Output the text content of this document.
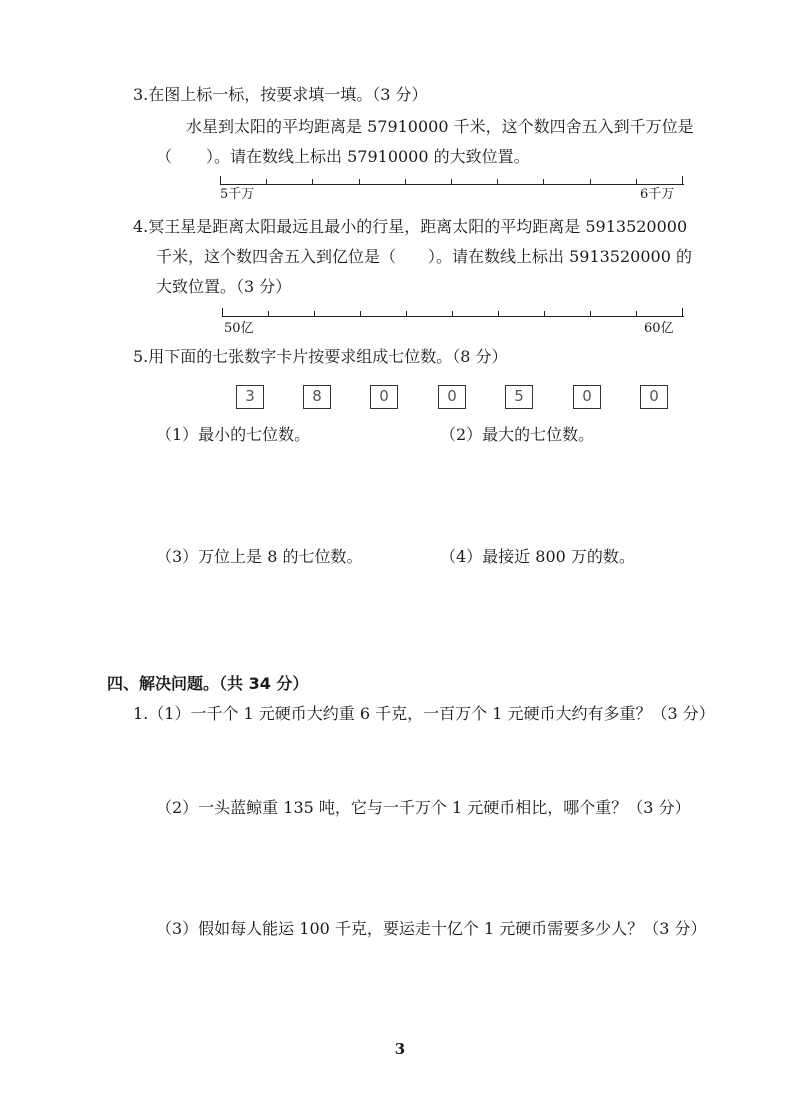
3.在图上标一标，按要求填一填。（3 分）
水星到太阳的平均距离是 57910000 千米，这个数四舍五入到千万位是
（ ）。请在数线上标出 57910000 的大致位置。
5千万	6千万
4.冥王星是距离太阳最远且最小的行星，距离太阳的平均距离是 5913520000
千米，这个数四舍五入到亿位是（　　）。请在数线上标出 5913520000 的
大致位置。（3 分）
50亿	60亿
5.用下面的七张数字卡片按要求组成七位数。（8 分）
3	8	0	0	5	0	0
（1）最小的七位数。	（2）最大的七位数。
（3）万位上是 8 的七位数。	（4）最接近 800 万的数。
四、解决问题。（共 34 分）
1.（1）一千个 1 元硬币大约重 6 千克，一百万个 1 元硬币大约有多重？（3 分）
（2）一头蓝鲸重 135 吨，它与一千万个 1 元硬币相比，哪个重？（3 分）
（3）假如每人能运 100 千克，要运走十亿个 1 元硬币需要多少人？（3 分）
3
